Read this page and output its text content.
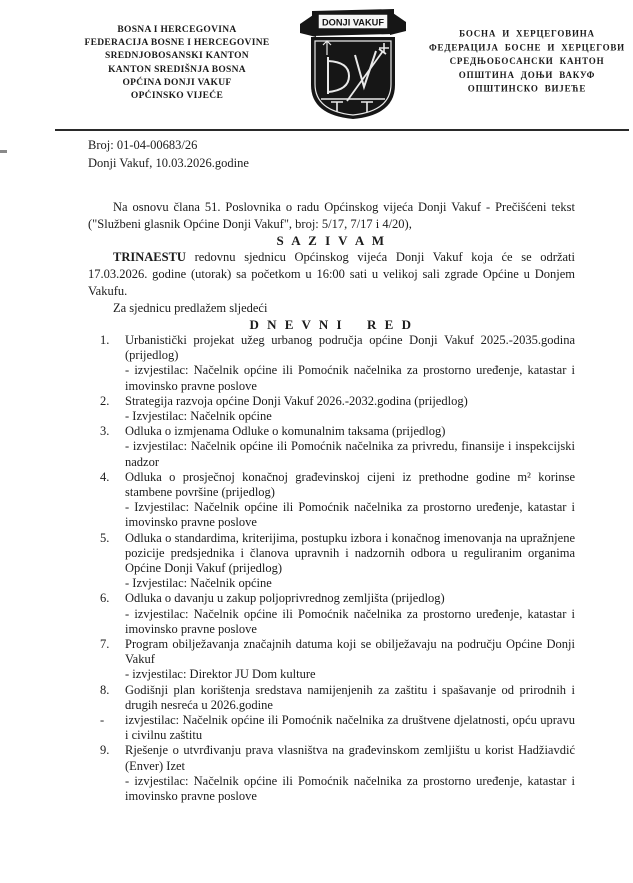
BOSNA I HERCEGOVINA
FEDERACIJA BOSNE I HERCEGOVINE
SREDNJOBOSANSKI KANTON
KANTON SREDIŠNJA BOSNA
OPĆINA DONJI VAKUF
OPĆINSKO VIJEĆE
DONJI VAKUF
БОСНА И ХЕРЦЕГОВИНА
ФЕДЕРАЦИЈА БОСНЕ И ХЕРЦЕГОВИ
СРЕДЊОБОСАНСКИ КАНТОН
ОПШТИНА ДОЊИ ВАКУФ
ОПШТИНСКО ВИЈЕЋЕ
Broj: 01-04-00683/26
Donji Vakuf, 10.03.2026.godine

Na osnovu člana 51. Poslovnika o radu Općinskog vijeća Donji Vakuf - Prečišćeni tekst ("Službeni glasnik Općine Donji Vakuf", broj: 5/17, 7/17 i 4/20),

S A Z I V A M

TRINAESTU redovnu sjednicu Općinskog vijeća Donji Vakuf koja će se održati 17.03.2026. godine (utorak) sa početkom u 16:00 sati u velikoj sali zgrade Općine u Donjem Vakufu.

Za sjednicu predlažem sljedeći

D N E V N I    R E D

1.	Urbanistički projekat užeg urbanog područja općine Donji Vakuf 2025.-2035.godina (prijedlog)

- izvjestilac: Načelnik općine ili Pomoćnik načelnika za prostorno uređenje, katastar i imovinsko pravne poslove

2.	Strategija razvoja općine Donji Vakuf 2026.-2032.godina (prijedlog)

- Izvjestilac: Načelnik općine

3.	Odluka o izmjenama Odluke o komunalnim taksama (prijedlog)

- izvjestilac: Načelnik općine ili Pomoćnik načelnika za privredu, finansije i inspekcijski nadzor

4.	Odluka o prosječnoj konačnoj građevinskoj cijeni iz prethodne godine m² korinse stambene površine (prijedlog)

- Izvjestilac: Načelnik općine ili Pomoćnik načelnika za prostorno uređenje, katastar i imovinsko pravne poslove

5.	Odluka o standardima, kriterijima, postupku izbora i konačnog imenovanja na upražnjene pozicije predsjednika i članova upravnih i nadzornih odbora u reguliranim organima Općine Donji Vakuf (prijedlog)

- Izvjestilac: Načelnik općine

6.	Odluka o davanju u zakup poljoprivrednog zemljišta (prijedlog)

- izvjestilac: Načelnik općine ili Pomoćnik načelnika za prostorno uređenje, katastar i imovinsko pravne poslove

7.	Program obilježavanja značajnih datuma koji se obilježavaju na području Općine Donji Vakuf

- izvjestilac: Direktor JU Dom kulture

8.	Godišnji plan korištenja sredstava namijenjenih za zaštitu i spašavanje od prirodnih i drugih nesreća u 2026.godine

-	izvjestilac: Načelnik općine ili Pomoćnik načelnika za društvene djelatnosti, opću upravu i civilnu zaštitu

9.	Rješenje o utvrđivanju prava vlasništva na građevinskom zemljištu u korist Hadžiavdić (Enver) Izet

- izvjestilac: Načelnik općine ili Pomoćnik načelnika za prostorno uređenje, katastar i imovinsko pravne poslove
